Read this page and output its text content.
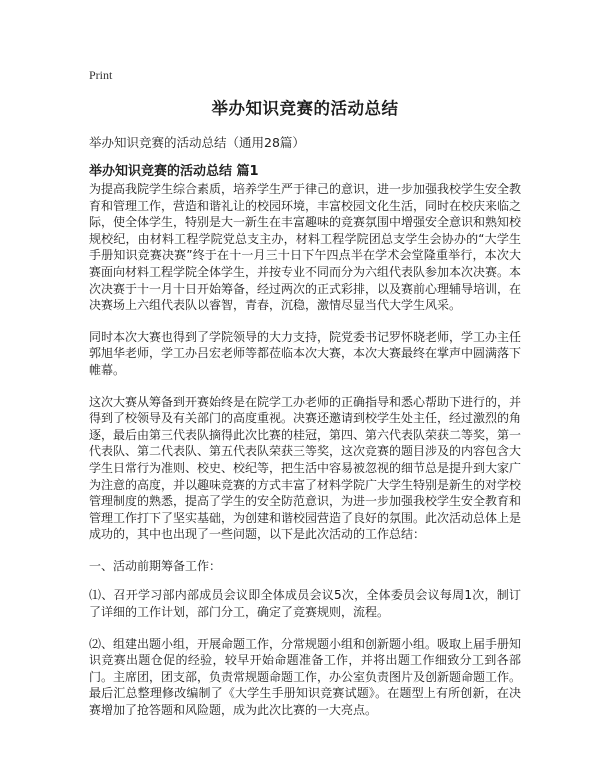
Print
举办知识竞赛的活动总结
举办知识竞赛的活动总结（通用28篇）
举办知识竞赛的活动总结 篇1

为提高我院学生综合素质，培养学生严于律己的意识，进一步加强我校学生安全教育和管理工作，营造和谐礼让的校园环境，丰富校园文化生活，同时在校庆来临之际，使全体学生，特别是大一新生在丰富趣味的竞赛氛围中增强安全意识和熟知校规校纪，由材料工程学院党总支主办，材料工程学院团总支学生会协办的“大学生手册知识竞赛决赛”终于在十一月三十日下午四点半在学术会堂隆重举行，本次大赛面向材料工程学院全体学生，并按专业不同而分为六组代表队参加本次决赛。本次决赛于十一月十日开始筹备，经过两次的正式彩排，以及赛前心理辅导培训，在决赛场上六组代表队以睿智，青春，沉稳，激情尽显当代大学生风采。

同时本次大赛也得到了学院领导的大力支持，院党委书记罗怀晓老师，学工办主任郭旭华老师，学工办吕宏老师等都莅临本次大赛，本次大赛最终在掌声中圆满落下帷幕。

这次大赛从筹备到开赛始终是在院学工办老师的正确指导和悉心帮助下进行的，并得到了校领导及有关部门的高度重视。决赛还邀请到校学生处主任，经过激烈的角逐，最后由第三代表队摘得此次比赛的桂冠，第四、第六代表队荣获二等奖，第一代表队、第二代表队、第五代表队荣获三等奖，这次竞赛的题目涉及的内容包含大学生日常行为准则、校史、校纪等，把生活中容易被忽视的细节总是提升到大家广为注意的高度，并以趣味竞赛的方式丰富了材料学院广大学生特别是新生的对学校管理制度的熟悉，提高了学生的安全防范意识，为进一步加强我校学生安全教育和管理工作打下了坚实基础，为创建和谐校园营造了良好的氛围。此次活动总体上是成功的，其中也出现了一些问题，以下是此次活动的工作总结：

一、活动前期筹备工作：

⑴、召开学习部内部成员会议即全体成员会议5次，全体委员会议每周1次，制订了详细的工作计划，部门分工，确定了竞赛规则，流程。

⑵、组建出题小组，开展命题工作，分常规题小组和创新题小组。吸取上届手册知识竞赛出题仓促的经验，较早开始命题准备工作，并将出题工作细致分工到各部门。主席团，团支部，负责常规题命题工作，办公室负责图片及创新题命题工作。最后汇总整理修改编制了《大学生手册知识竞赛试题》。在题型上有所创新，在决赛增加了抢答题和风险题，成为此次比赛的一大亮点。
